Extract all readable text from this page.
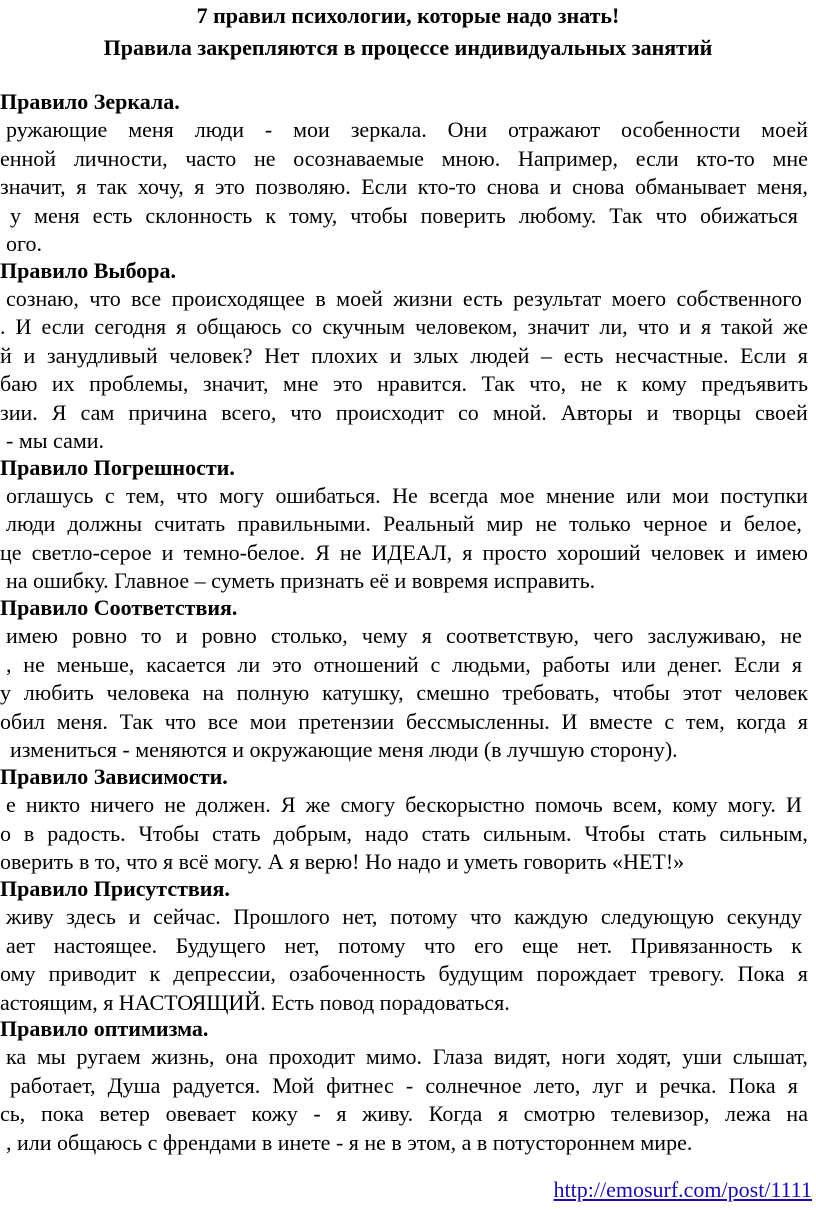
7 правил психологии, которые надо знать!
Правила закрепляются в процессе индивидуальных занятий
Правило Зеркала.
ружающие меня люди - мои зеркала. Они отражают особенности моей
енной личности, часто не осознаваемые мною. Например, если кто-то мне
значит, я так хочу, я это позволяю. Если кто-то снова и снова обманывает меня,
у меня есть склонность к тому, чтобы поверить любому. Так что обижаться
ого.
Правило Выбора.
сознаю, что все происходящее в моей жизни есть результат моего собственного
. И если сегодня я общаюсь со скучным человеком, значит ли, что и я такой же
й и занудливый человек? Нет плохих и злых людей – есть несчастные. Если я
баю их проблемы, значит, мне это нравится. Так что, не к кому предъявить
зии. Я сам причина всего, что происходит со мной. Авторы и творцы своей
- мы сами.
Правило Погрешности.
оглашусь с тем, что могу ошибаться. Не всегда мое мнение или мои поступки
люди должны считать правильными. Реальный мир не только черное и белое,
це светло-серое и темно-белое. Я не ИДЕАЛ, я просто хороший человек и имею
на ошибку. Главное – суметь признать её и вовремя исправить.
Правило Соответствия.
имею ровно то и ровно столько, чему я соответствую, чего заслуживаю, не
, не меньше, касается ли это отношений с людьми, работы или денег. Если я
у любить человека на полную катушку, смешно требовать, чтобы этот человек
обил меня. Так что все мои претензии бессмысленны. И вместе с тем, когда я
измениться - меняются и окружающие меня люди (в лучшую сторону).
Правило Зависимости.
е никто ничего не должен. Я же смогу бескорыстно помочь всем, кому могу. И
о в радость. Чтобы стать добрым, надо стать сильным. Чтобы стать сильным,
оверить в то, что я всё могу. А я верю! Но надо и уметь говорить «НЕТ!»
Правило Присутствия.
живу здесь и сейчас. Прошлого нет, потому что каждую следующую секунду
ает настоящее. Будущего нет, потому что его еще нет. Привязанность к
ому приводит к депрессии, озабоченность будущим порождает тревогу. Пока я
астоящим, я НАСТОЯЩИЙ. Есть повод порадоваться.
Правило оптимизма.
ка мы ругаем жизнь, она проходит мимо. Глаза видят, ноги ходят, уши слышат,
работает, Душа радуется. Мой фитнес - солнечное лето, луг и речка. Пока я
сь, пока ветер овевает кожу - я живу. Когда я смотрю телевизор, лежа на
, или общаюсь с френдами в инете - я не в этом, а в потустороннем мире.
http://emosurf.com/post/1111
